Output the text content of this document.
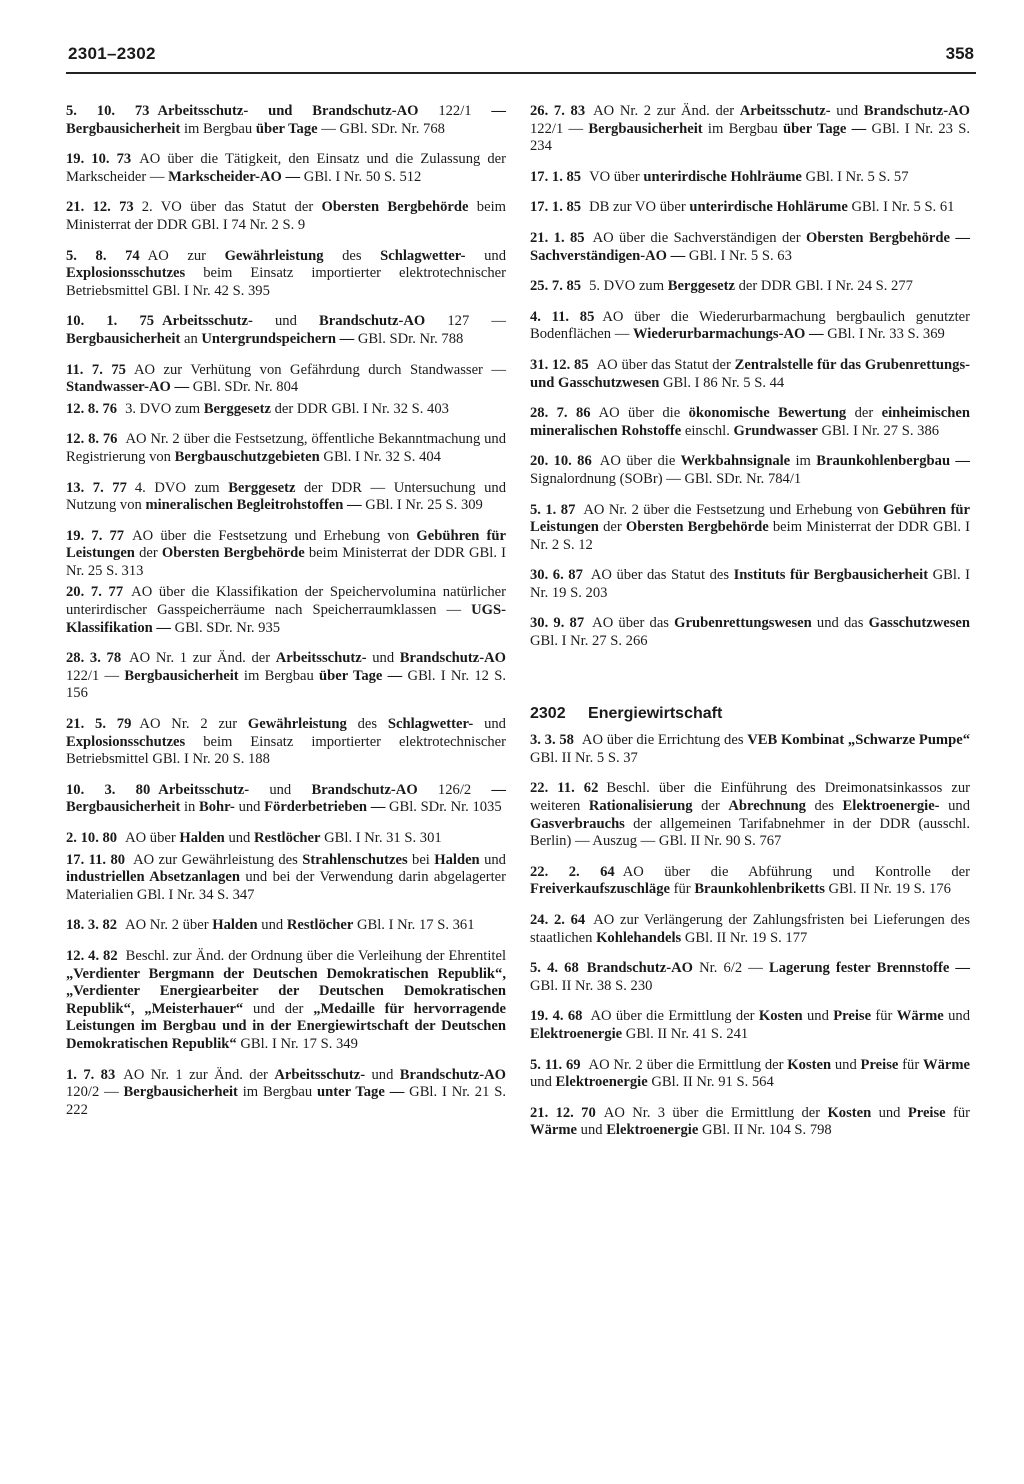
2301–2302	358

5. 10. 73 Arbeitsschutz- und Brandschutz-AO 122/1 — Bergbausicherheit im Bergbau über Tage — GBl. SDr. Nr. 768

19. 10. 73 AO über die Tätigkeit, den Einsatz und die Zulassung der Markscheider — Markscheider-AO — GBl. I Nr. 50 S. 512

21. 12. 73 2. VO über das Statut der Obersten Bergbehörde beim Ministerrat der DDR GBl. I 74 Nr. 2 S. 9

5. 8. 74 AO zur Gewährleistung des Schlagwetter- und Explosionsschutzes beim Einsatz importierter elektrotechnischer Betriebsmittel GBl. I Nr. 42 S. 395

10. 1. 75 Arbeitsschutz- und Brandschutz-AO 127 — Bergbausicherheit an Untergrundspeichern — GBl. SDr. Nr. 788

11. 7. 75 AO zur Verhütung von Gefährdung durch Standwasser — Standwasser-AO — GBl. SDr. Nr. 804

12. 8. 76 3. DVO zum Berggesetz der DDR GBl. I Nr. 32 S. 403

12. 8. 76 AO Nr. 2 über die Festsetzung, öffentliche Bekanntmachung und Registrierung von Bergbauschutzgebieten GBl. I Nr. 32 S. 404

13. 7. 77 4. DVO zum Berggesetz der DDR — Untersuchung und Nutzung von mineralischen Begleitrohstoffen — GBl. I Nr. 25 S. 309

19. 7. 77 AO über die Festsetzung und Erhebung von Gebühren für Leistungen der Obersten Bergbehörde beim Ministerrat der DDR GBl. I Nr. 25 S. 313

20. 7. 77 AO über die Klassifikation der Speichervolumina natürlicher unterirdischer Gasspeicherräume nach Speicherraumklassen — UGS-Klassifikation — GBl. SDr. Nr. 935

28. 3. 78 AO Nr. 1 zur Änd. der Arbeitsschutz- und Brandschutz-AO 122/1 — Bergbausicherheit im Bergbau über Tage — GBl. I Nr. 12 S. 156

21. 5. 79 AO Nr. 2 zur Gewährleistung des Schlagwetter- und Explosionsschutzes beim Einsatz importierter elektrotechnischer Betriebsmittel GBl. I Nr. 20 S. 188

10. 3. 80 Arbeitsschutz- und Brandschutz-AO 126/2 — Bergbausicherheit in Bohr- und Förderbetrieben — GBl. SDr. Nr. 1035

2. 10. 80 AO über Halden und Restlöcher GBl. I Nr. 31 S. 301

17. 11. 80 AO zur Gewährleistung des Strahlenschutzes bei Halden und industriellen Absetzanlagen und bei der Verwendung darin abgelagerter Materialien GBl. I Nr. 34 S. 347

18. 3. 82 AO Nr. 2 über Halden und Restlöcher GBl. I Nr. 17 S. 361

12. 4. 82 Beschl. zur Änd. der Ordnung über die Verleihung der Ehrentitel „Verdienter Bergmann der Deutschen Demokratischen Republik“, „Verdienter Energiearbeiter der Deutschen Demokratischen Republik“, „Meisterhauer“ und der „Medaille für hervorragende Leistungen im Bergbau und in der Energiewirtschaft der Deutschen Demokratischen Republik“ GBl. I Nr. 17 S. 349

1. 7. 83 AO Nr. 1 zur Änd. der Arbeitsschutz- und Brandschutz-AO 120/2 — Bergbausicherheit im Bergbau unter Tage — GBl. I Nr. 21 S. 222

26. 7. 83 AO Nr. 2 zur Änd. der Arbeitsschutz- und Brandschutz-AO 122/1 — Bergbausicherheit im Bergbau über Tage — GBl. I Nr. 23 S. 234

17. 1. 85 VO über unterirdische Hohlräume GBl. I Nr. 5 S. 57

17. 1. 85 DB zur VO über unterirdische Hohlärume GBl. I Nr. 5 S. 61

21. 1. 85 AO über die Sachverständigen der Obersten Bergbehörde — Sachverständigen-AO — GBl. I Nr. 5 S. 63

25. 7. 85 5. DVO zum Berggesetz der DDR GBl. I Nr. 24 S. 277

4. 11. 85 AO über die Wiederurbarmachung bergbaulich genutzter Bodenflächen — Wiederurbarmachungs-AO — GBl. I Nr. 33 S. 369

31. 12. 85 AO über das Statut der Zentralstelle für das Grubenrettungs- und Gasschutzwesen GBl. I 86 Nr. 5 S. 44

28. 7. 86 AO über die ökonomische Bewertung der einheimischen mineralischen Rohstoffe einschl. Grundwasser GBl. I Nr. 27 S. 386

20. 10. 86 AO über die Werkbahnsignale im Braunkohlenbergbau — Signalordnung (SOBr) — GBl. SDr. Nr. 784/1

5. 1. 87 AO Nr. 2 über die Festsetzung und Erhebung von Gebühren für Leistungen der Obersten Bergbehörde beim Ministerrat der DDR GBl. I Nr. 2 S. 12

30. 6. 87 AO über das Statut des Instituts für Bergbausicherheit GBl. I Nr. 19 S. 203

30. 9. 87 AO über das Grubenrettungswesen und das Gasschutzwesen GBl. I Nr. 27 S. 266

2302 Energiewirtschaft

3. 3. 58 AO über die Errichtung des VEB Kombinat „Schwarze Pumpe“ GBl. II Nr. 5 S. 37

22. 11. 62 Beschl. über die Einführung des Dreimonatsinkassos zur weiteren Rationalisierung der Abrechnung des Elektroenergie- und Gasverbrauchs der allgemeinen Tarifabnehmer in der DDR (ausschl. Berlin) — Auszug — GBl. II Nr. 90 S. 767

22. 2. 64 AO über die Abführung und Kontrolle der Freiverkaufszuschläge für Braunkohlenbriketts GBl. II Nr. 19 S. 176

24. 2. 64 AO zur Verlängerung der Zahlungsfristen bei Lieferungen des staatlichen Kohlehandels GBl. II Nr. 19 S. 177

5. 4. 68 Brandschutz-AO Nr. 6/2 — Lagerung fester Brennstoffe — GBl. II Nr. 38 S. 230

19. 4. 68 AO über die Ermittlung der Kosten und Preise für Wärme und Elektroenergie GBl. II Nr. 41 S. 241

5. 11. 69 AO Nr. 2 über die Ermittlung der Kosten und Preise für Wärme und Elektroenergie GBl. II Nr. 91 S. 564

21. 12. 70 AO Nr. 3 über die Ermittlung der Kosten und Preise für Wärme und Elektroenergie GBl. II Nr. 104 S. 798
